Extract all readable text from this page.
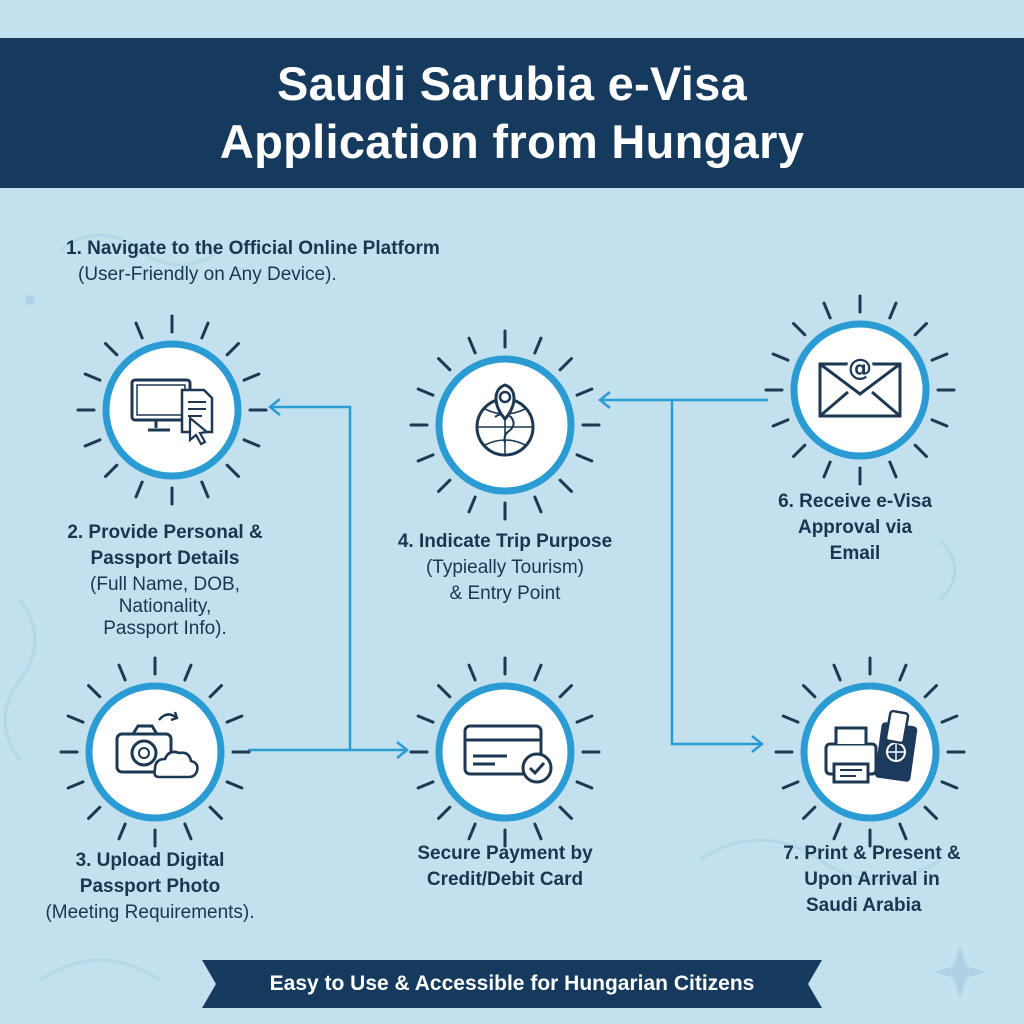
Saudi Sarubia e-Visa
Application from Hungary
@
1. Navigate to the Official Online Platform
(User-Friendly on Any Device).
2. Provide Personal &
Passport Details
(Full Name, DOB,
Nationality,
Passport Info).
3. Upload Digital
Passport Photo
(Meeting Requirements).
4. Indicate Trip Purpose
(Typieally Tourism)
& Entry Point
Secure Payment by
Credit/Debit Card
6. Receive e-Visa
Approval via
Email
7. Print & Present &
Upon Arrival in
Saudi Arabia
Easy to Use & Accessible for Hungarian Citizens
